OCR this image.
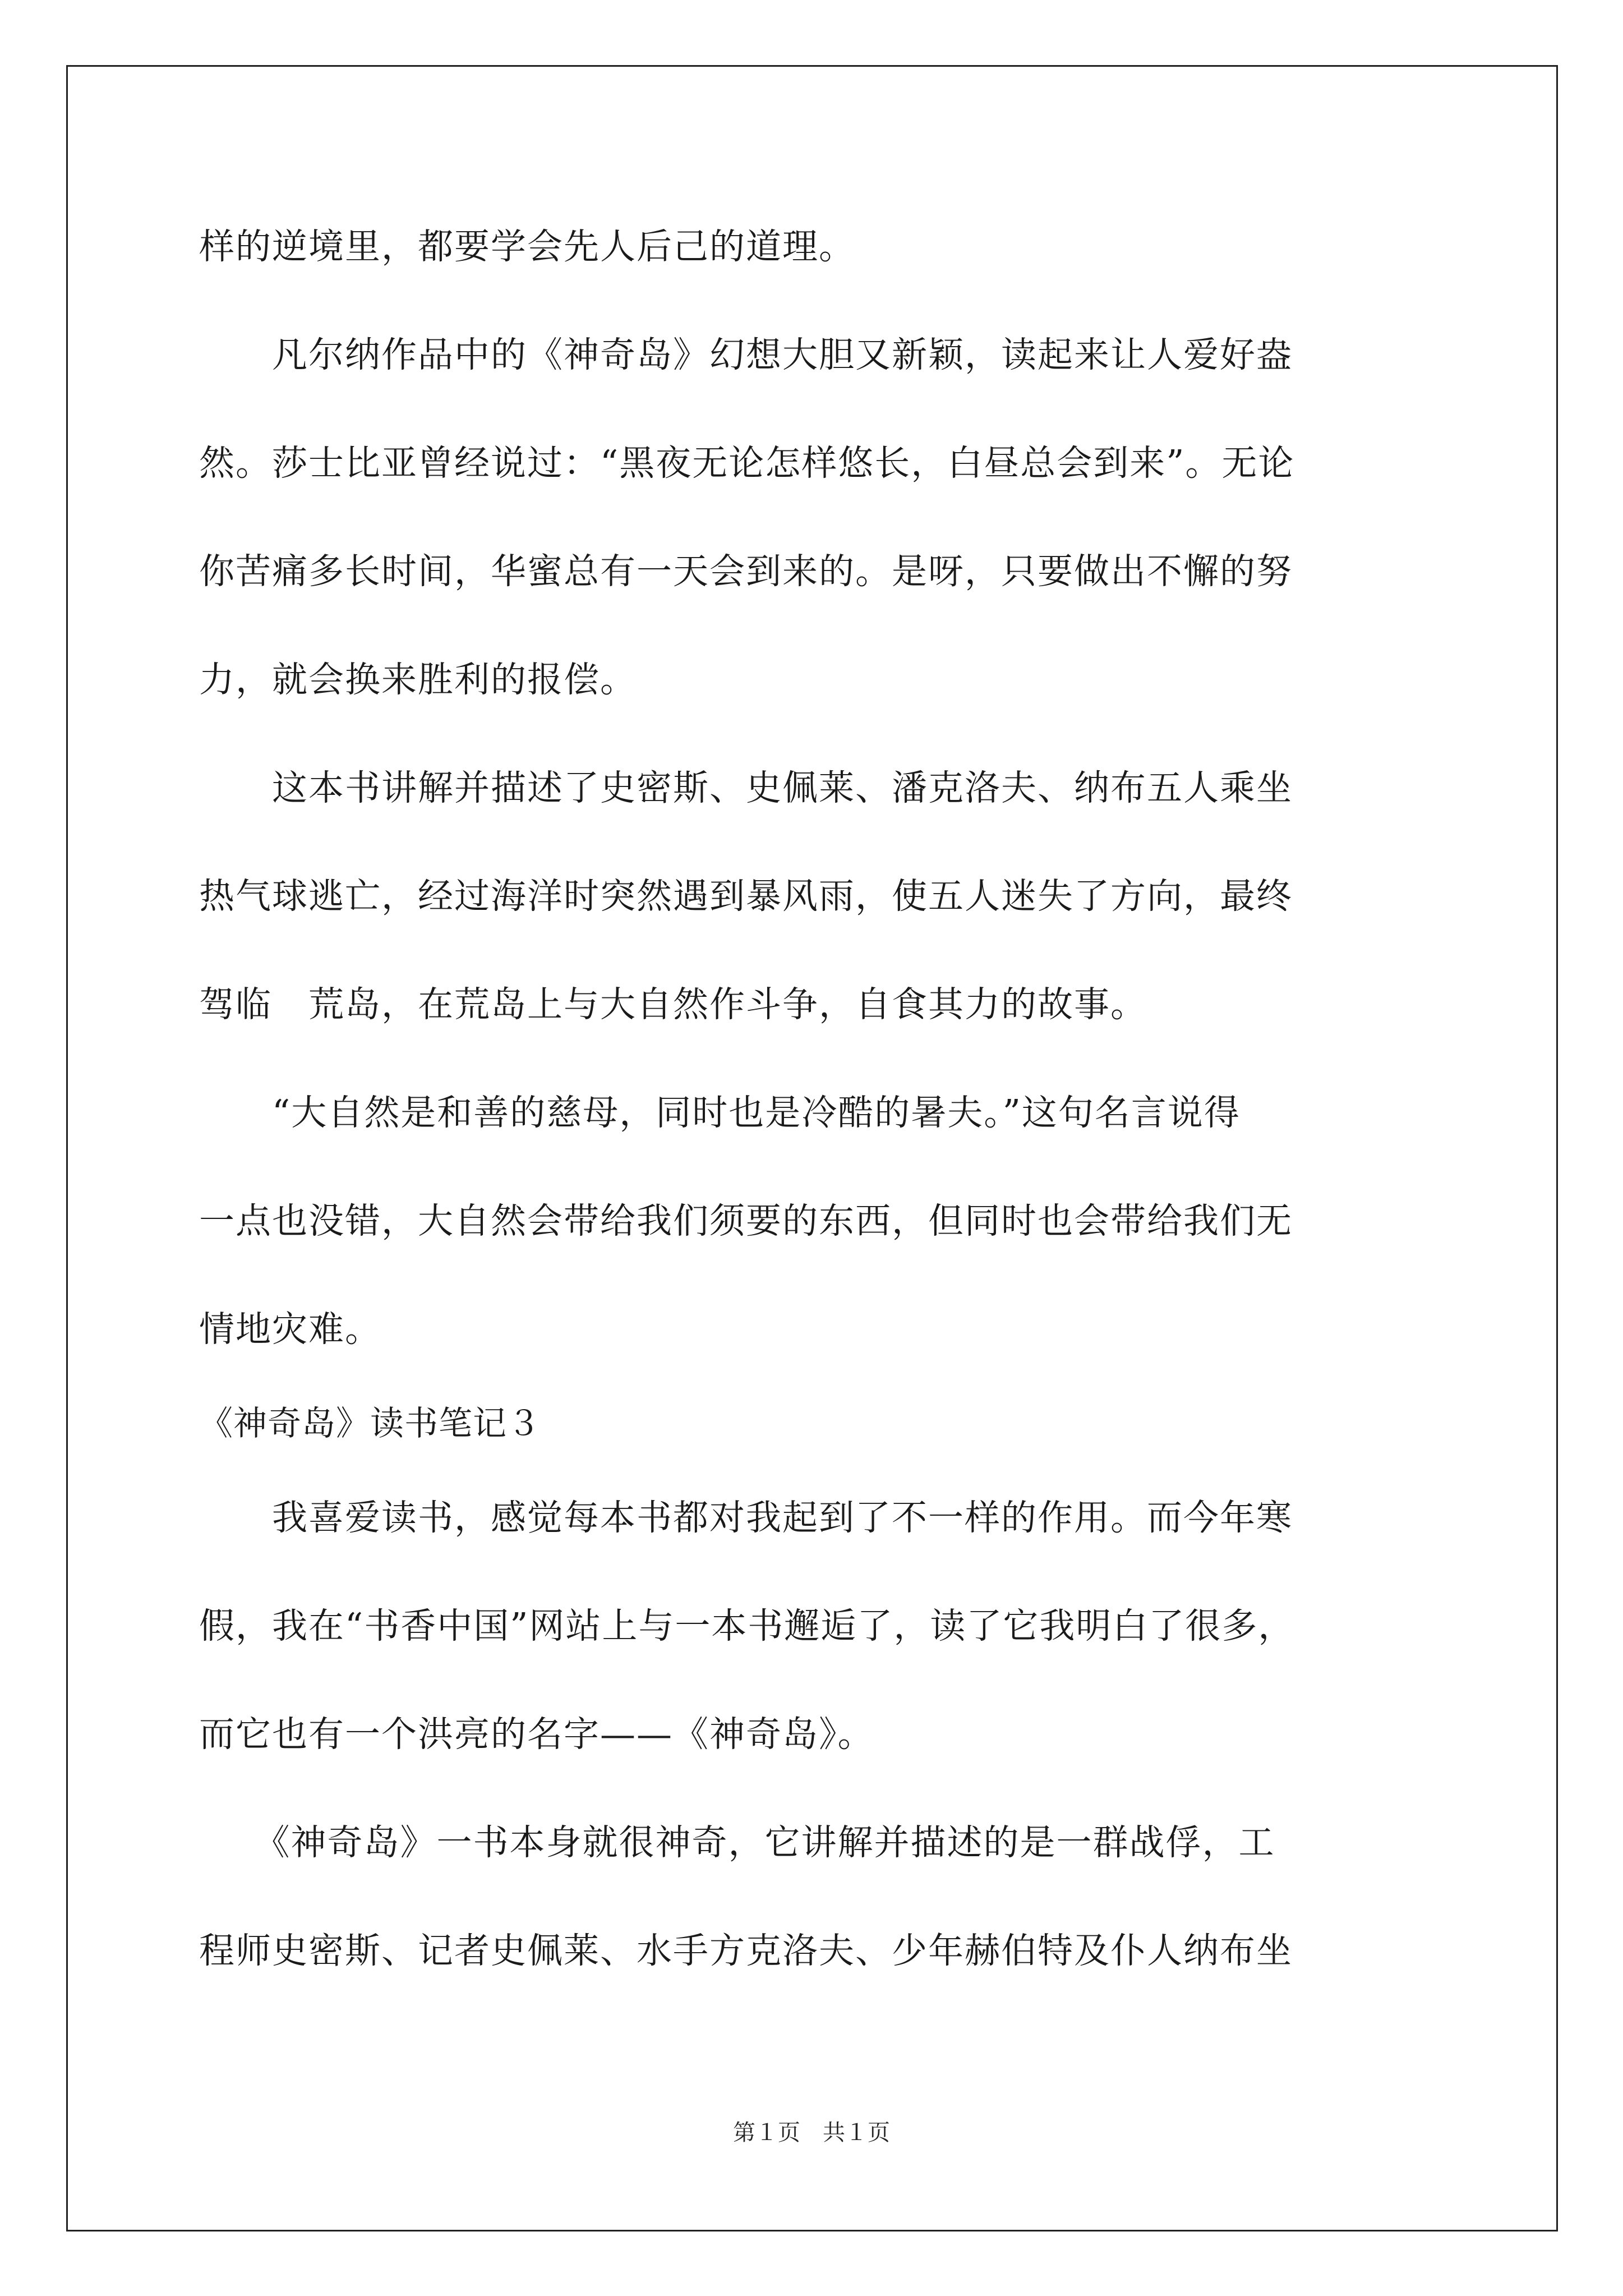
样的逆境里，都要学会先人后己的道理。
　　凡尔纳作品中的《神奇岛》幻想大胆又新颖，读起来让人爱好盎
然。莎士比亚曾经说过：“黑夜无论怎样悠长，白昼总会到来”。无论
你苦痛多长时间，华蜜总有一天会到来的。是呀，只要做出不懈的努
力，就会换来胜利的报偿。
　　这本书讲解并描述了史密斯、史佩莱、潘克洛夫、纳布五人乘坐
热气球逃亡，经过海洋时突然遇到暴风雨，使五人迷失了方向，最终
驾临　荒岛，在荒岛上与大自然作斗争，自食其力的故事。
　　“大自然是和善的慈母，同时也是冷酷的暑夫。”这句名言说得
一点也没错，大自然会带给我们须要的东西，但同时也会带给我们无
情地灾难。
《神奇岛》读书笔记３
　　我喜爱读书，感觉每本书都对我起到了不一样的作用。而今年寒
假，我在“书香中国”网站上与一本书邂逅了，读了它我明白了很多，
而它也有一个洪亮的名字——《神奇岛》。
　　《神奇岛》一书本身就很神奇，它讲解并描述的是一群战俘，工
程师史密斯、记者史佩莱、水手方克洛夫、少年赫伯特及仆人纳布坐
第１页　共１页
